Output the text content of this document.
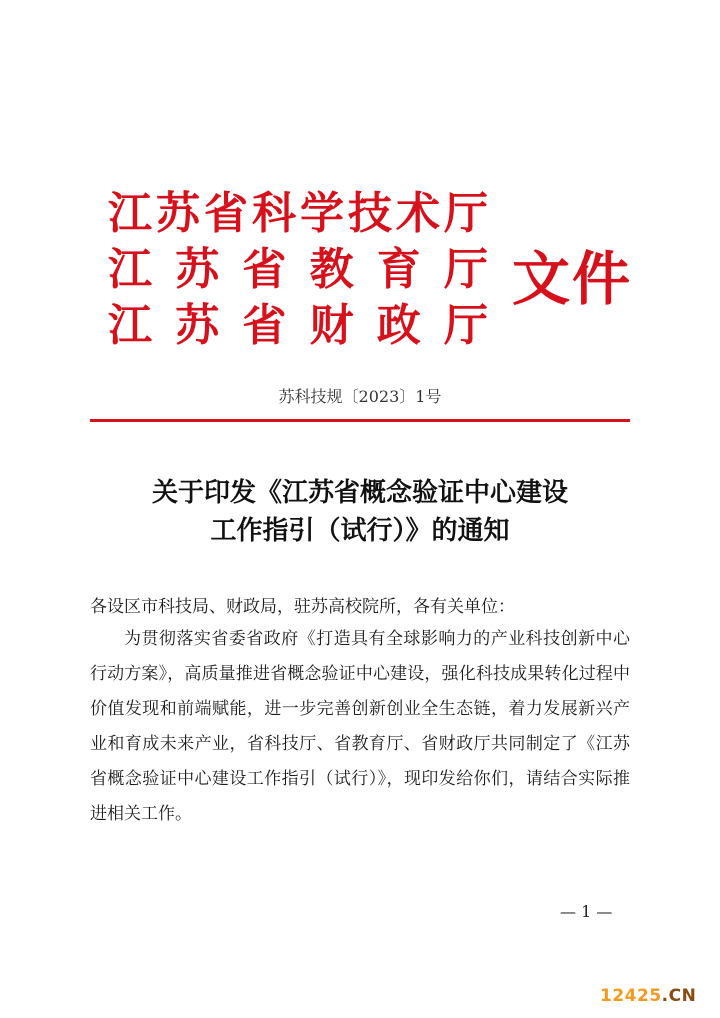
江 苏 省 科 学 技 术 厅
江 苏 省 教 育 厅
江 苏 省 财 政 厅
文件
苏科技规〔2023〕1号
关于印发《江苏省概念验证中心建设
工作指引（试行）》的通知
各设区市科技局、财政局，驻苏高校院所，各有关单位：

为贯彻落实省委省政府《打造具有全球影响力的产业科技创新中心行动方案》，高质量推进省概念验证中心建设，强化科技成果转化过程中价值发现和前端赋能，进一步完善创新创业全生态链，着力发展新兴产业和育成未来产业，省科技厅、省教育厅、省财政厅共同制定了《江苏省概念验证中心建设工作指引（试行）》，现印发给你们，请结合实际推进相关工作。

— 1 —
12425.CN
